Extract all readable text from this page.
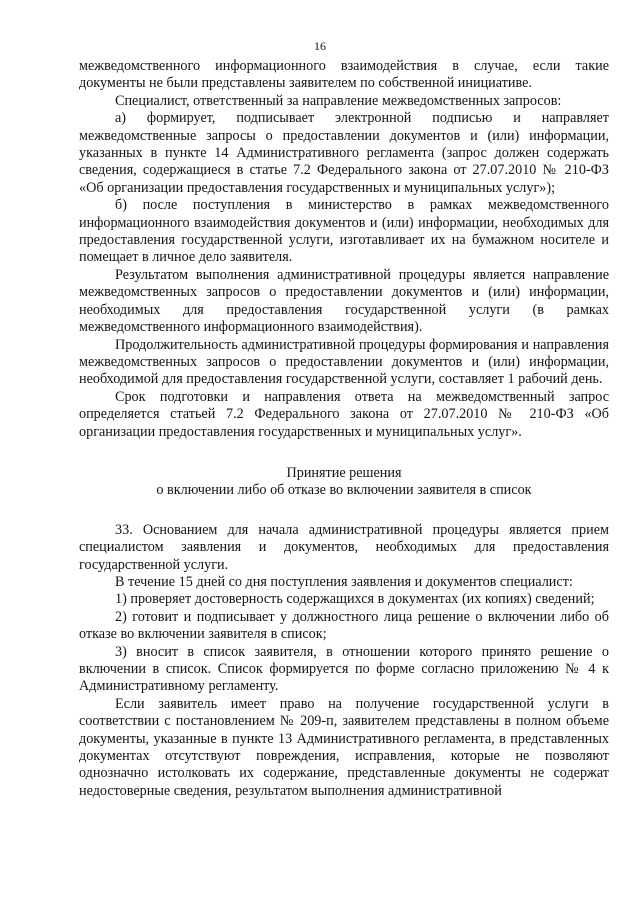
16

межведомственного информационного взаимодействия в случае, если такие документы не были представлены заявителем по собственной инициативе.

Специалист, ответственный за направление межведомственных запросов:

а) формирует, подписывает электронной подписью и направляет межведомственные запросы о предоставлении документов и (или) информации, указанных в пункте 14 Административного регламента (запрос должен содержать сведения, содержащиеся в статье 7.2 Федерального закона от 27.07.2010 № 210-ФЗ «Об организации предоставления государственных и муниципальных услуг»);

б) после поступления в министерство в рамках межведомственного информационного взаимодействия документов и (или) информации, необходимых для предоставления государственной услуги, изготавливает их на бумажном носителе и помещает в личное дело заявителя.

Результатом выполнения административной процедуры является направление межведомственных запросов о предоставлении документов и (или) информации, необходимых для предоставления государственной услуги (в рамках межведомственного информационного взаимодействия).

Продолжительность административной процедуры формирования и направления межведомственных запросов о предоставлении документов и (или) информации, необходимой для предоставления государственной услуги, составляет 1 рабочий день.

Срок подготовки и направления ответа на межведомственный запрос определяется статьей 7.2 Федерального закона от 27.07.2010 № 210-ФЗ «Об организации предоставления государственных и муниципальных услуг».

Принятие решения

о включении либо об отказе во включении заявителя в список

33. Основанием для начала административной процедуры является прием специалистом заявления и документов, необходимых для предоставления государственной услуги.

В течение 15 дней со дня поступления заявления и документов специалист:

1) проверяет достоверность содержащихся в документах (их копиях) сведений;

2) готовит и подписывает у должностного лица решение о включении либо об отказе во включении заявителя в список;

3) вносит в список заявителя, в отношении которого принято решение о включении в список. Список формируется по форме согласно приложению № 4 к Административному регламенту.

Если заявитель имеет право на получение государственной услуги в соответствии с постановлением № 209-п, заявителем представлены в полном объеме документы, указанные в пункте 13 Административного регламента, в представленных документах отсутствуют повреждения, исправления, которые не позволяют однозначно истолковать их содержание, представленные документы не содержат недостоверные сведения, результатом выполнения административной
